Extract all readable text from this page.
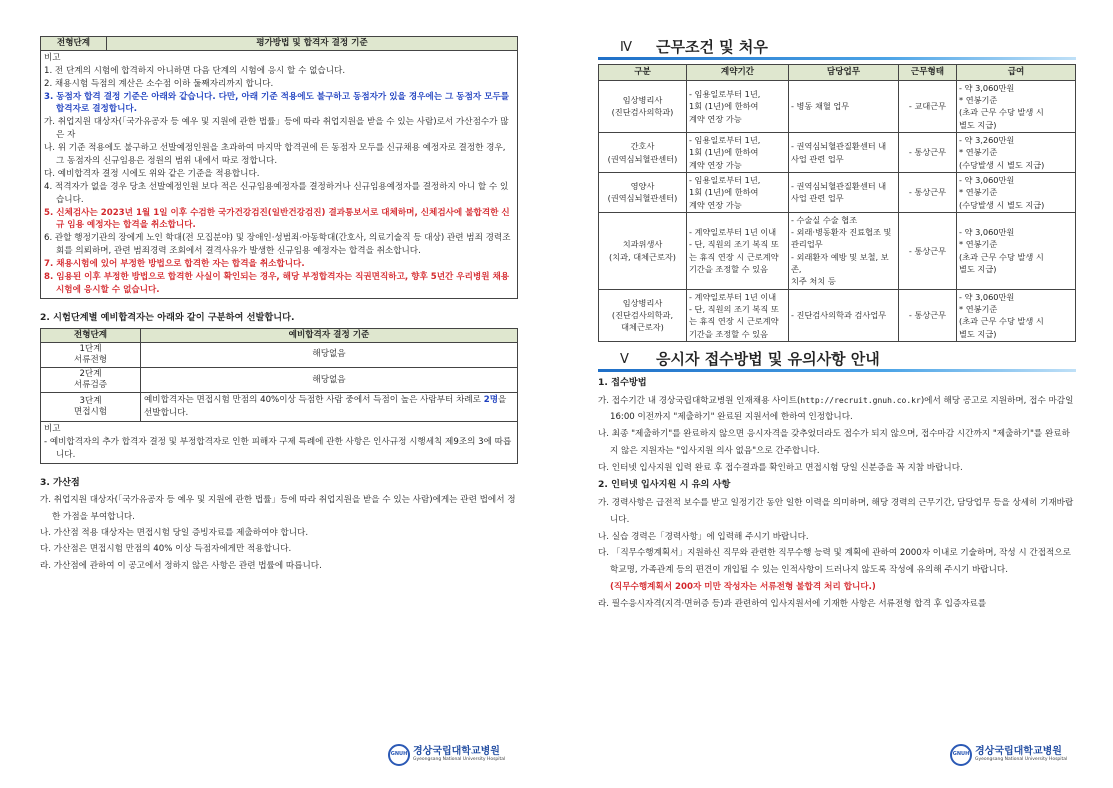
전형단계	평가방법 및 합격자 결정 기준

비고
1. 전 단계의 시험에 합격하지 아니하면 다음 단계의 시험에 응시 할 수 없습니다.
2. 채용시험 득점의 계산은 소수점 이하 둘째자리까지 합니다.
3. 동점자 합격 결정 기준은 아래와 같습니다. 다만, 아래 기준 적용에도 불구하고 동점자가 있을 경우에는 그 동점자 모두를 합격자로 결정합니다.
가. 취업지원 대상자(「국가유공자 등 예우 및 지원에 관한 법률」등에 따라 취업지원을 받을 수 있는 사람)로서 가산점수가 많은 자
나. 위 기준 적용에도 불구하고 선발예정인원을 초과하여 마지막 합격권에 든 동점자 모두를 신규채용 예정자로 결정한 경우, 그 동점자의 신규임용은 정원의 범위 내에서 따로 정합니다.
다. 예비합격자 결정 시에도 위와 같은 기준을 적용합니다.
4. 적격자가 없을 경우 당초 선발예정인원 보다 적은 신규임용예정자를 결정하거나 신규임용예정자를 결정하지 아니 할 수 있습니다.
5. 신체검사는 2023년 1월 1일 이후 수검한 국가건강검진(일반건강검진) 결과통보서로 대체하며, 신체검사에 불합격한 신규 임용 예정자는 합격을 취소합니다.
6. 관할 행정기관의 장에게 노인 학대(전 모집분야) 및 장애인·성범죄·아동학대(간호사, 의료기술직 등 대상) 관련 범죄 경력조회를 의뢰하며, 관련 범죄경력 조회에서 결격사유가 발생한 신규임용 예정자는 합격을 취소합니다.
7. 채용시험에 있어 부정한 방법으로 합격한 자는 합격을 취소합니다.
8. 임용된 이후 부정한 방법으로 합격한 사실이 확인되는 경우, 해당 부정합격자는 직권면직하고, 향후 5년간 우리병원 채용시험에 응시할 수 없습니다.
2. 시험단계별 예비합격자는 아래와 같이 구분하여 선발합니다.
전형단계	예비합격자 결정 기준

1단계
서류전형	해당없음

2단계
서류검증	해당없음

3단계
면접시험	예비합격자는 면접시험 만점의 40%이상 득점한 사람 중에서 득점이 높은 사람부터 차례로 2명을 선발합니다.

비고
- 예비합격자의 추가 합격자 결정 및 부정합격자로 인한 피해자 구제 특례에 관한 사항은 인사규정 시행세칙 제9조의 3에 따릅니다.	
3. 가산점
가. 취업지원 대상자(「국가유공자 등 예우 및 지원에 관한 법률」등에 따라 취업지원을 받을 수 있는 사람)에게는 관련 법에서 정한 가점을 부여합니다.
나. 가산점 적용 대상자는 면접시험 당일 증빙자료를 제출하여야 합니다.
다. 가산점은 면접시험 만점의 40% 이상 득점자에게만 적용합니다.
라. 가산점에 관하여 이 공고에서 정하지 않은 사항은 관련 법률에 따릅니다.
Ⅳ 근무조건 및 처우
구분	계약기간	담당업무	근무형태	급여

임상병리사
(진단검사의학과)	- 임용일로부터 1년,
1회 (1년)에 한하여
계약 연장 가능	- 병동 채혈 업무	- 교대근무	- 약 3,060만원
* 연봉기준
(초과 근무 수당 발생 시
별도 지급)

간호사
(권역심뇌혈관센터)	- 임용일로부터 1년,
1회 (1년)에 한하여
계약 연장 가능	- 권역심뇌혈관질환센터 내
사업 관련 업무	- 통상근무	- 약 3,260만원
* 연봉기준
(수당발생 시 별도 지급)

영양사
(권역심뇌혈관센터)	- 임용일로부터 1년,
1회 (1년)에 한하여
계약 연장 가능	- 권역심뇌혈관질환센터 내
사업 관련 업무	- 통상근무	- 약 3,060만원
* 연봉기준
(수당발생 시 별도 지급)

치과위생사
(치과, 대체근로자)	- 계약일로부터 1년 이내
- 단, 직원의 조기 복직 또
는 휴직 연장 시 근로계약
기간을 조정할 수 있음	- 수술실 수술 협조
- 외래·병동환자 진료협조 및
관리업무
- 외래환자 예방 및 보철, 보존,
치주 처치 등	- 통상근무	- 약 3,060만원
* 연봉기준
(초과 근무 수당 발생 시
별도 지급)

임상병리사
(진단검사의학과,
대체근로자)	- 계약일로부터 1년 이내
- 단, 직원의 조기 복직 또
는 휴직 연장 시 근로계약
기간을 조정할 수 있음	- 진단검사의학과 검사업무	- 통상근무	- 약 3,060만원
* 연봉기준
(초과 근무 수당 발생 시
별도 지급)
Ⅴ 응시자 접수방법 및 유의사항 안내
1. 접수방법
가. 접수기간 내 경상국립대학교병원 인재채용 사이트(http://recruit.gnuh.co.kr)에서 해당 공고로 지원하며, 접수 마감일 16:00 이전까지 "제출하기" 완료된 지원서에 한하여 인정합니다.
나. 최종 "제출하기"를 완료하지 않으면 응시자격을 갖추었더라도 접수가 되지 않으며, 접수마감 시간까지 "제출하기"를 완료하지 않은 지원자는 "입사지원 의사 없음"으로 간주합니다.
다. 인터넷 입사지원 입력 완료 후 접수결과를 확인하고 면접시험 당일 신분증을 꼭 지참 바랍니다.
2. 인터넷 입사지원 시 유의 사항
가. 경력사항은 급전적 보수를 받고 일정기간 동안 일한 이력을 의미하며, 해당 경력의 근무기간, 담당업무 등을 상세히 기재바랍니다.
나. 실습 경력은「경력사항」에 입력해 주시기 바랍니다.
다. 「직무수행계획서」지원하신 직무와 관련한 직무수행 능력 및 계획에 관하여 2000자 이내로 기술하며, 작성 시 간접적으로 학교명, 가족관계 등의 편견이 개입될 수 있는 인적사항이 드러나지 않도록 작성에 유의해 주시기 바랍니다.
(직무수행계획서 200자 미만 작성자는 서류전형 불합격 처리 합니다.)
라. 필수응시자격(지격·면허증 등)과 관련하여 입사지원서에 기재한 사항은 서류전형 합격 후 입증자료를
GNUH 경상국립대학교병원
Gyeongsang National University Hospital
GNUH 경상국립대학교병원
Gyeongsang National University Hospital
